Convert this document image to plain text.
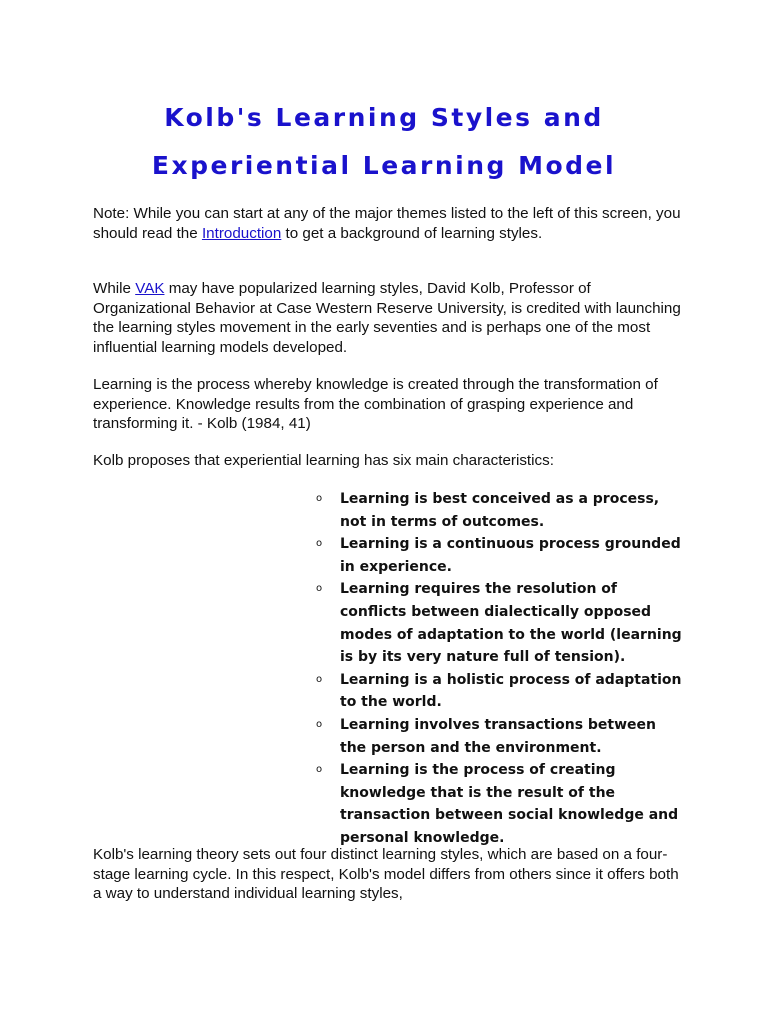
Kolb's Learning Styles and
Experiential Learning Model

Note: While you can start at any of the major themes listed to the left of this screen, you should read the Introduction to get a background of learning styles.

While VAK may have popularized learning styles, David Kolb, Professor of Organizational Behavior at Case Western Reserve University, is credited with launching the learning styles movement in the early seventies and is perhaps one of the most influential learning models developed.

Learning is the process whereby knowledge is created through the transformation of experience. Knowledge results from the combination of grasping experience and transforming it. - Kolb (1984, 41)

Kolb proposes that experiential learning has six main characteristics:

o Learning is best conceived as a process, not in terms of outcomes.
o Learning is a continuous process grounded in experience.
o Learning requires the resolution of conflicts between dialectically opposed modes of adaptation to the world (learning is by its very nature full of tension).
o Learning is a holistic process of adaptation to the world.
o Learning involves transactions between the person and the environment.
o Learning is the process of creating knowledge that is the result of the transaction between social knowledge and personal knowledge.

Kolb's learning theory sets out four distinct learning styles, which are based on a four-stage learning cycle. In this respect, Kolb's model differs from others since it offers both a way to understand individual learning styles,
